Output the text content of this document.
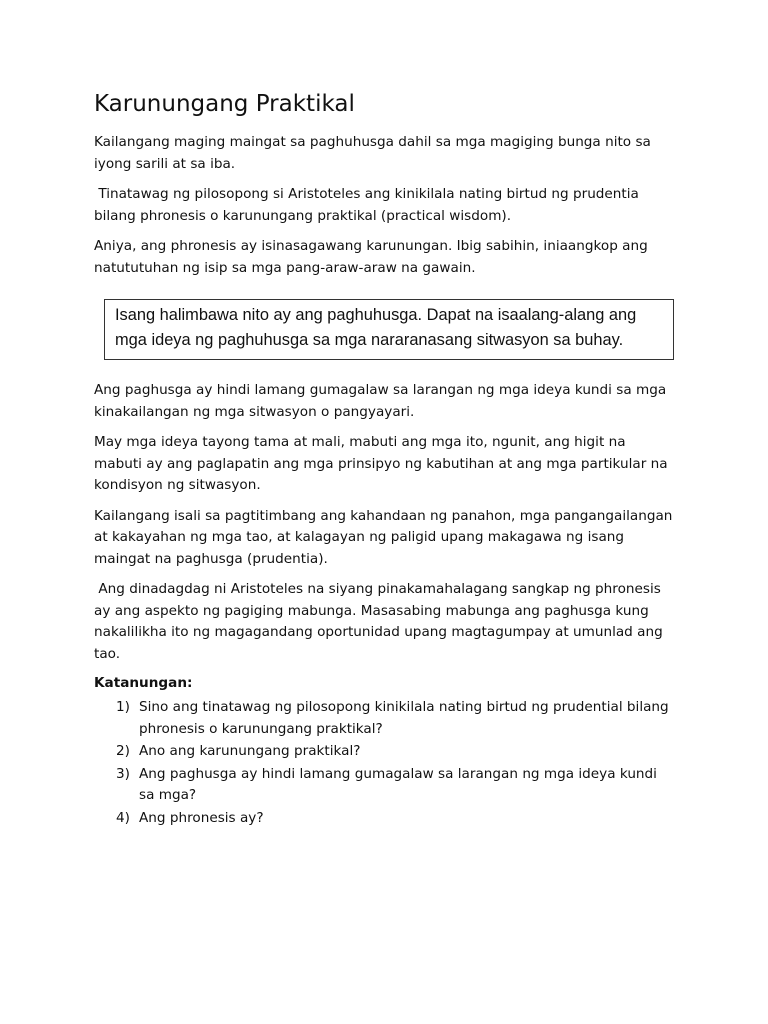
Karunungang Praktikal

Kailangang maging maingat sa paghuhusga dahil sa mga magiging bunga nito sa iyong sarili at sa iba.

Tinatawag ng pilosopong si Aristoteles ang kinikilala nating birtud ng prudentia bilang phronesis o karunungang praktikal (practical wisdom).

Aniya, ang phronesis ay isinasagawang karunungan. Ibig sabihin, iniaangkop ang natututuhan ng isip sa mga pang-araw-araw na gawain.

Isang halimbawa nito ay ang paghuhusga. Dapat na isaalang-alang ang mga ideya ng paghuhusga sa mga nararanasang sitwasyon sa buhay.

Ang paghusga ay hindi lamang gumagalaw sa larangan ng mga ideya kundi sa mga kinakailangan ng mga sitwasyon o pangyayari.

May mga ideya tayong tama at mali, mabuti ang mga ito, ngunit, ang higit na mabuti ay ang paglapatin ang mga prinsipyo ng kabutihan at ang mga partikular na kondisyon ng sitwasyon.

Kailangang isali sa pagtitimbang ang kahandaan ng panahon, mga pangangailangan at kakayahan ng mga tao, at kalagayan ng paligid upang makagawa ng isang maingat na paghusga (prudentia).

Ang dinadagdag ni Aristoteles na siyang pinakamahalagang sangkap ng phronesis ay ang aspekto ng pagiging mabunga. Masasabing mabunga ang paghusga kung nakalilikha ito ng magagandang oportunidad upang magtagumpay at umunlad ang tao.

Katanungan:
1) Sino ang tinatawag ng pilosopong kinikilala nating birtud ng prudential bilang phronesis o karunungang praktikal?
2) Ano ang karunungang praktikal?
3) Ang paghusga ay hindi lamang gumagalaw sa larangan ng mga ideya kundi sa mga?
4) Ang phronesis ay?
